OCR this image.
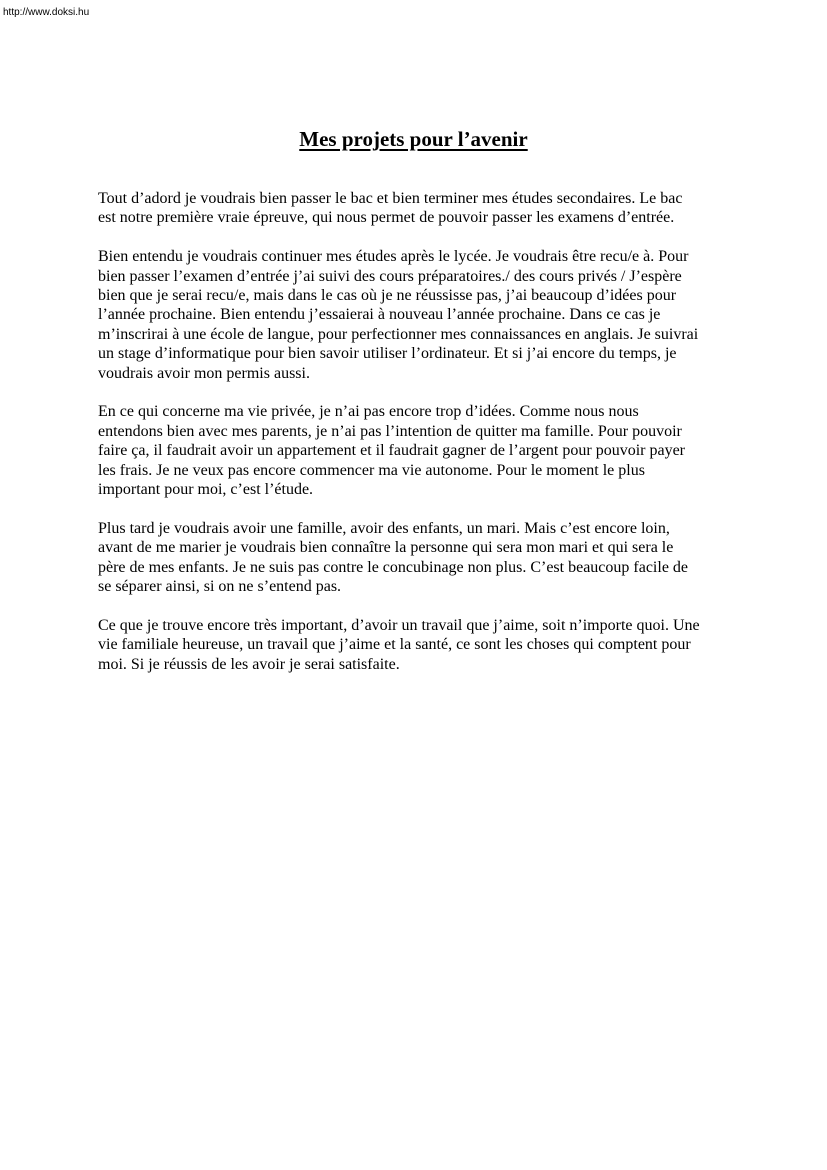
http://www.doksi.hu
Mes projets pour l’avenir

Tout d’adord je voudrais bien passer le bac et bien terminer mes études secondaires. Le bac
est notre première vraie épreuve, qui nous permet de pouvoir passer les examens d’entrée.

Bien entendu je voudrais continuer mes études après le lycée. Je voudrais être recu/e à. Pour
bien passer l’examen d’entrée j’ai suivi des cours préparatoires./ des cours privés / J’espère
bien que je serai recu/e, mais dans le cas où je ne réussisse pas, j’ai beaucoup d’idées pour
l’année prochaine. Bien entendu j’essaierai à nouveau l’année prochaine. Dans ce cas je
m’inscrirai à une école de langue, pour perfectionner mes connaissances en anglais. Je suivrai
un stage d’informatique pour bien savoir utiliser l’ordinateur. Et si j’ai encore du temps, je
voudrais avoir mon permis aussi.

En ce qui concerne ma vie privée, je n’ai pas encore trop d’idées. Comme nous nous
entendons bien avec mes parents, je n’ai pas l’intention de quitter ma famille. Pour pouvoir
faire ça, il faudrait avoir un appartement et il faudrait gagner de l’argent pour pouvoir payer
les frais. Je ne veux pas encore commencer ma vie autonome. Pour le moment le plus
important pour moi, c’est l’étude.

Plus tard je voudrais avoir une famille, avoir des enfants, un mari. Mais c’est encore loin,
avant de me marier je voudrais bien connaître la personne qui sera mon mari et qui sera le
père de mes enfants. Je ne suis pas contre le concubinage non plus. C’est beaucoup facile de
se séparer ainsi, si on ne s’entend pas.

Ce que je trouve encore très important, d’avoir un travail que j’aime, soit n’importe quoi. Une
vie familiale heureuse, un travail que j’aime et la santé, ce sont les choses qui comptent pour
moi. Si je réussis de les avoir je serai satisfaite.
